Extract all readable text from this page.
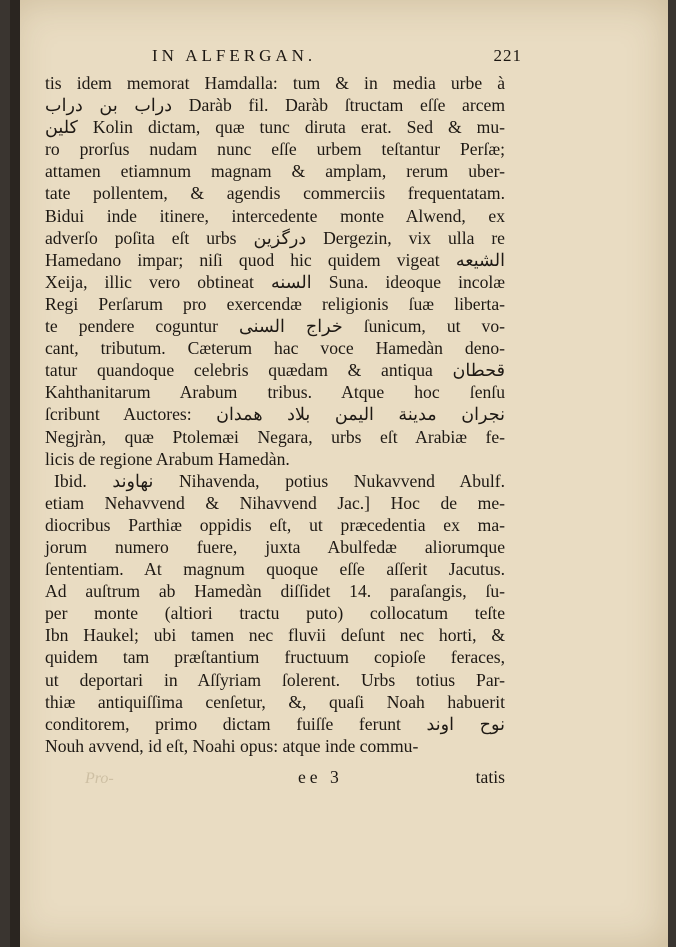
IN ALFERGAN.	221
tis idem memorat Hamdalla: tum & in media urbe à
دراب بن دراب Daràb fil. Daràb ſtructam eſſe arcem
كلين Kolin dictam, quæ tunc diruta erat. Sed & mu-
ro prorſus nudam nunc eſſe urbem teſtantur Perſæ;
attamen etiamnum magnam & amplam, rerum uber-
tate pollentem, & agendis commerciis frequentatam.
Bidui inde itinere, intercedente monte Alwend, ex
adverſo poſita eſt urbs درگزين Dergezin, vix ulla re
Hamedano impar; niſi quod hic quidem vigeat الشيعه
Xeija, illic vero obtineat السنه Suna. ideoque incolæ
Regi Perſarum pro exercendæ religionis ſuæ liberta-
te pendere coguntur خراج السنى ſunicum, ut vo-
cant, tributum. Cæterum hac voce Hamedàn deno-
tatur quandoque celebris quædam & antiqua قحطان
Kahthanitarum Arabum tribus. Atque hoc ſenſu
ſcribunt Auctores: نجران مدينة اليمن بلاد همدان
Negjràn, quæ Ptolemæi Negara, urbs eſt Arabiæ fe-
licis de regione Arabum Hamedàn.
Ibid. نهاوند Nihavenda, potius Nukavvend Abulf.
etiam Nehavvend & Nihavvend Jac.] Hoc de me-
diocribus Parthiæ oppidis eſt, ut præcedentia ex ma-
jorum numero fuere, juxta Abulfedæ aliorumque
ſententiam. At magnum quoque eſſe aſſerit Jacutus.
Ad auſtrum ab Hamedàn diſſidet 14. paraſangis, ſu-
per monte (altiori tractu puto) collocatum teſte
Ibn Haukel; ubi tamen nec fluvii deſunt nec horti, &
quidem tam præſtantium fructuum copioſe feraces,
ut deportari in Aſſyriam ſolerent. Urbs totius Par-
thiæ antiquiſſima cenſetur, &, quaſi Noah habuerit
conditorem, primo dictam fuiſſe ferunt نوح اوند
Nouh avvend, id eſt, Noahi opus: atque inde commu-
Pro-	ee 3	tatis
